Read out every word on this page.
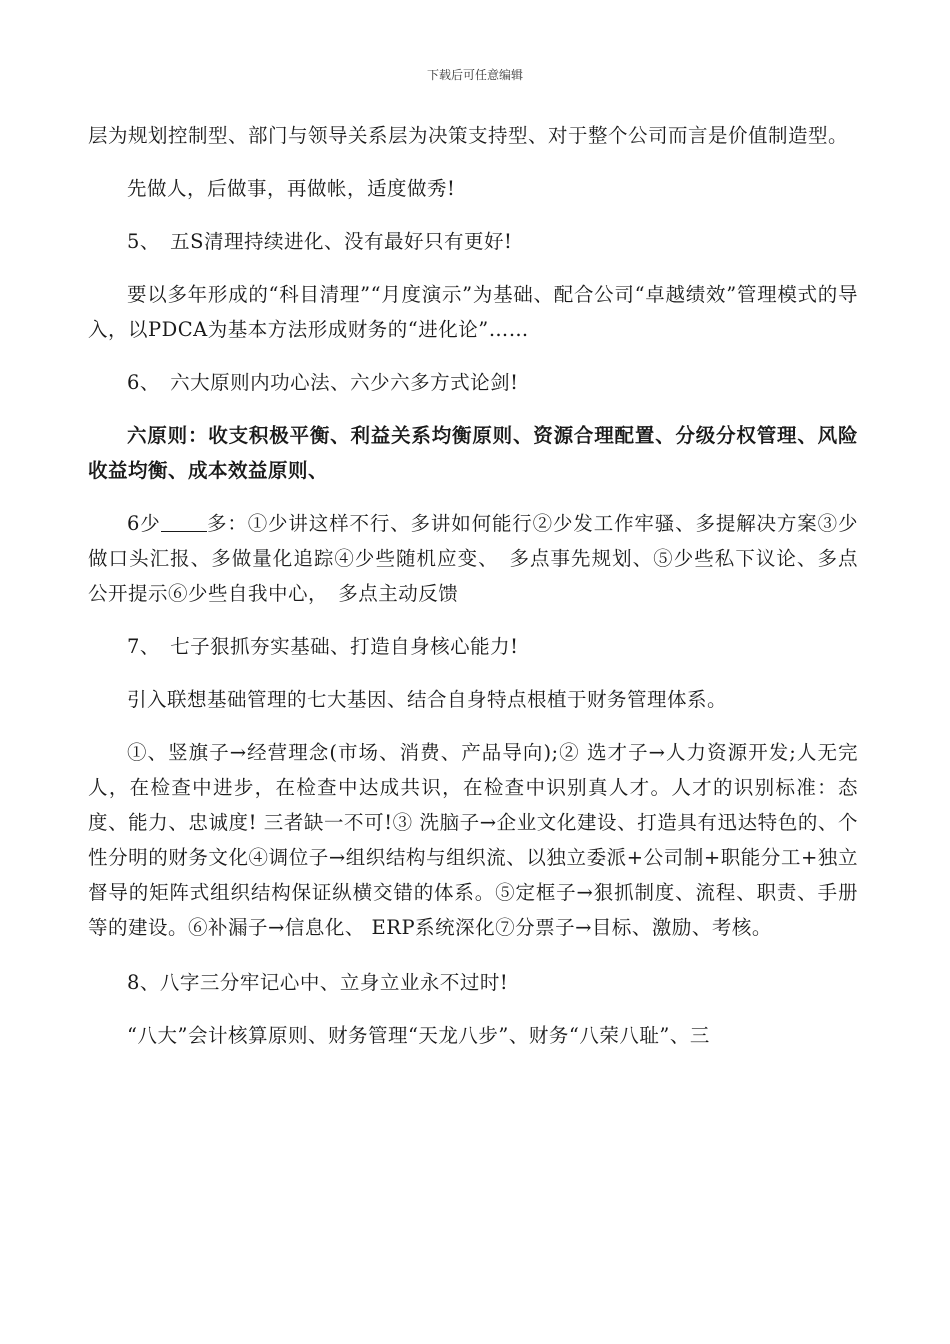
下载后可任意编辑

层为规划控制型、部门与领导关系层为决策支持型、对于整个公司而言是价值制造型。

先做人，后做事，再做帐，适度做秀!

5、　五S清理持续进化、没有最好只有更好!

要以多年形成的“科目清理”“月度演示”为基础、配合公司“卓越绩效”管理模式的导入，以PDCA为基本方法形成财务的“进化论”……

6、　六大原则内功心法、六少六多方式论剑!

六原则：收支积极平衡、利益关系均衡原则、资源合理配置、分级分权管理、风险收益均衡、成本效益原则、

6少 多：①少讲这样不行、多讲如何能行②少发工作牢骚、多提解决方案③少做口头汇报、多做量化追踪④少些随机应变、　多点事先规划、⑤少些私下议论、多点公开提示⑥少些自我中心，　多点主动反馈

7、　七子狠抓夯实基础、打造自身核心能力!

引入联想基础管理的七大基因、结合自身特点根植于财务管理体系。

①、竖旗子→经营理念(市场、消费、产品导向);② 选才子→人力资源开发;人无完人，在检查中进步，在检查中达成共识，在检查中识别真人才。人才的识别标准：态度、能力、忠诚度! 三者缺一不可!③ 洗脑子→企业文化建设、打造具有迅达特色的、个性分明的财务文化④调位子→组织结构与组织流、以独立委派+公司制+职能分工+独立督导的矩阵式组织结构保证纵横交错的体系。⑤定框子→狠抓制度、流程、职责、手册等的建设。⑥补漏子→信息化、 ERP系统深化⑦分票子→目标、激励、考核。

8、八字三分牢记心中、立身立业永不过时!

“八大”会计核算原则、财务管理“天龙八步”、财务“八荣八耻”、三
